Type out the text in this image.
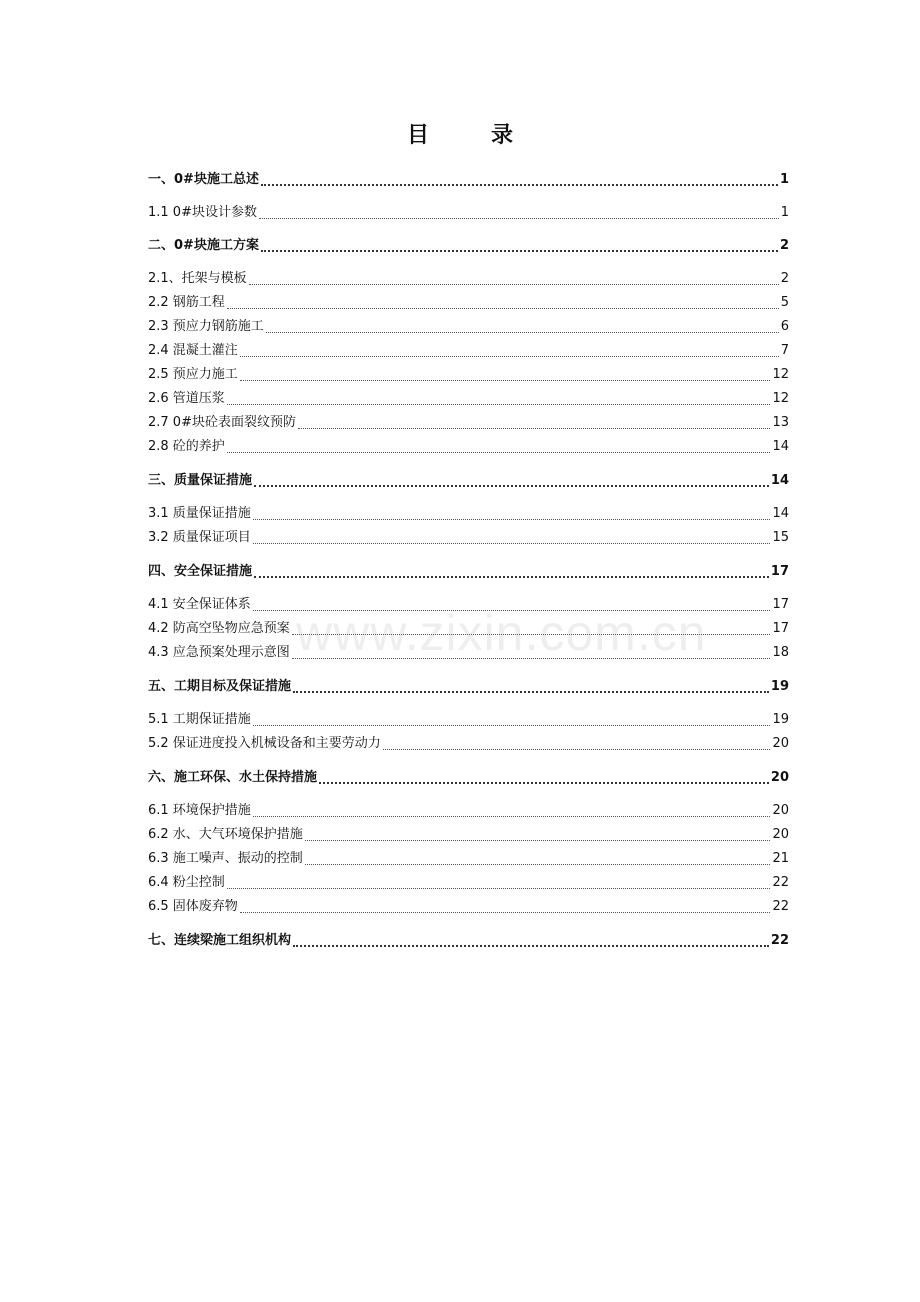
目　录
一、0#块施工总述	1
1.1 0#块设计参数	1
二、0#块施工方案	2
2.1、托架与模板	2
2.2 钢筋工程	5
2.3 预应力钢筋施工	6
2.4 混凝土灌注	7
2.5 预应力施工	12
2.6 管道压浆	12
2.7 0#块砼表面裂纹预防	13
2.8 砼的养护	14
三、质量保证措施	14
3.1 质量保证措施	14
3.2 质量保证项目	15
四、安全保证措施	17
4.1 安全保证体系	17
4.2 防高空坠物应急预案	17
4.3 应急预案处理示意图	18
五、工期目标及保证措施	19
5.1 工期保证措施	19
5.2 保证进度投入机械设备和主要劳动力	20
六、施工环保、水土保持措施	20
6.1 环境保护措施	20
6.2 水、大气环境保护措施	20
6.3 施工噪声、振动的控制	21
6.4 粉尘控制	22
6.5 固体废弃物	22
七、连续梁施工组织机构	22
www.zixin.com.cn
